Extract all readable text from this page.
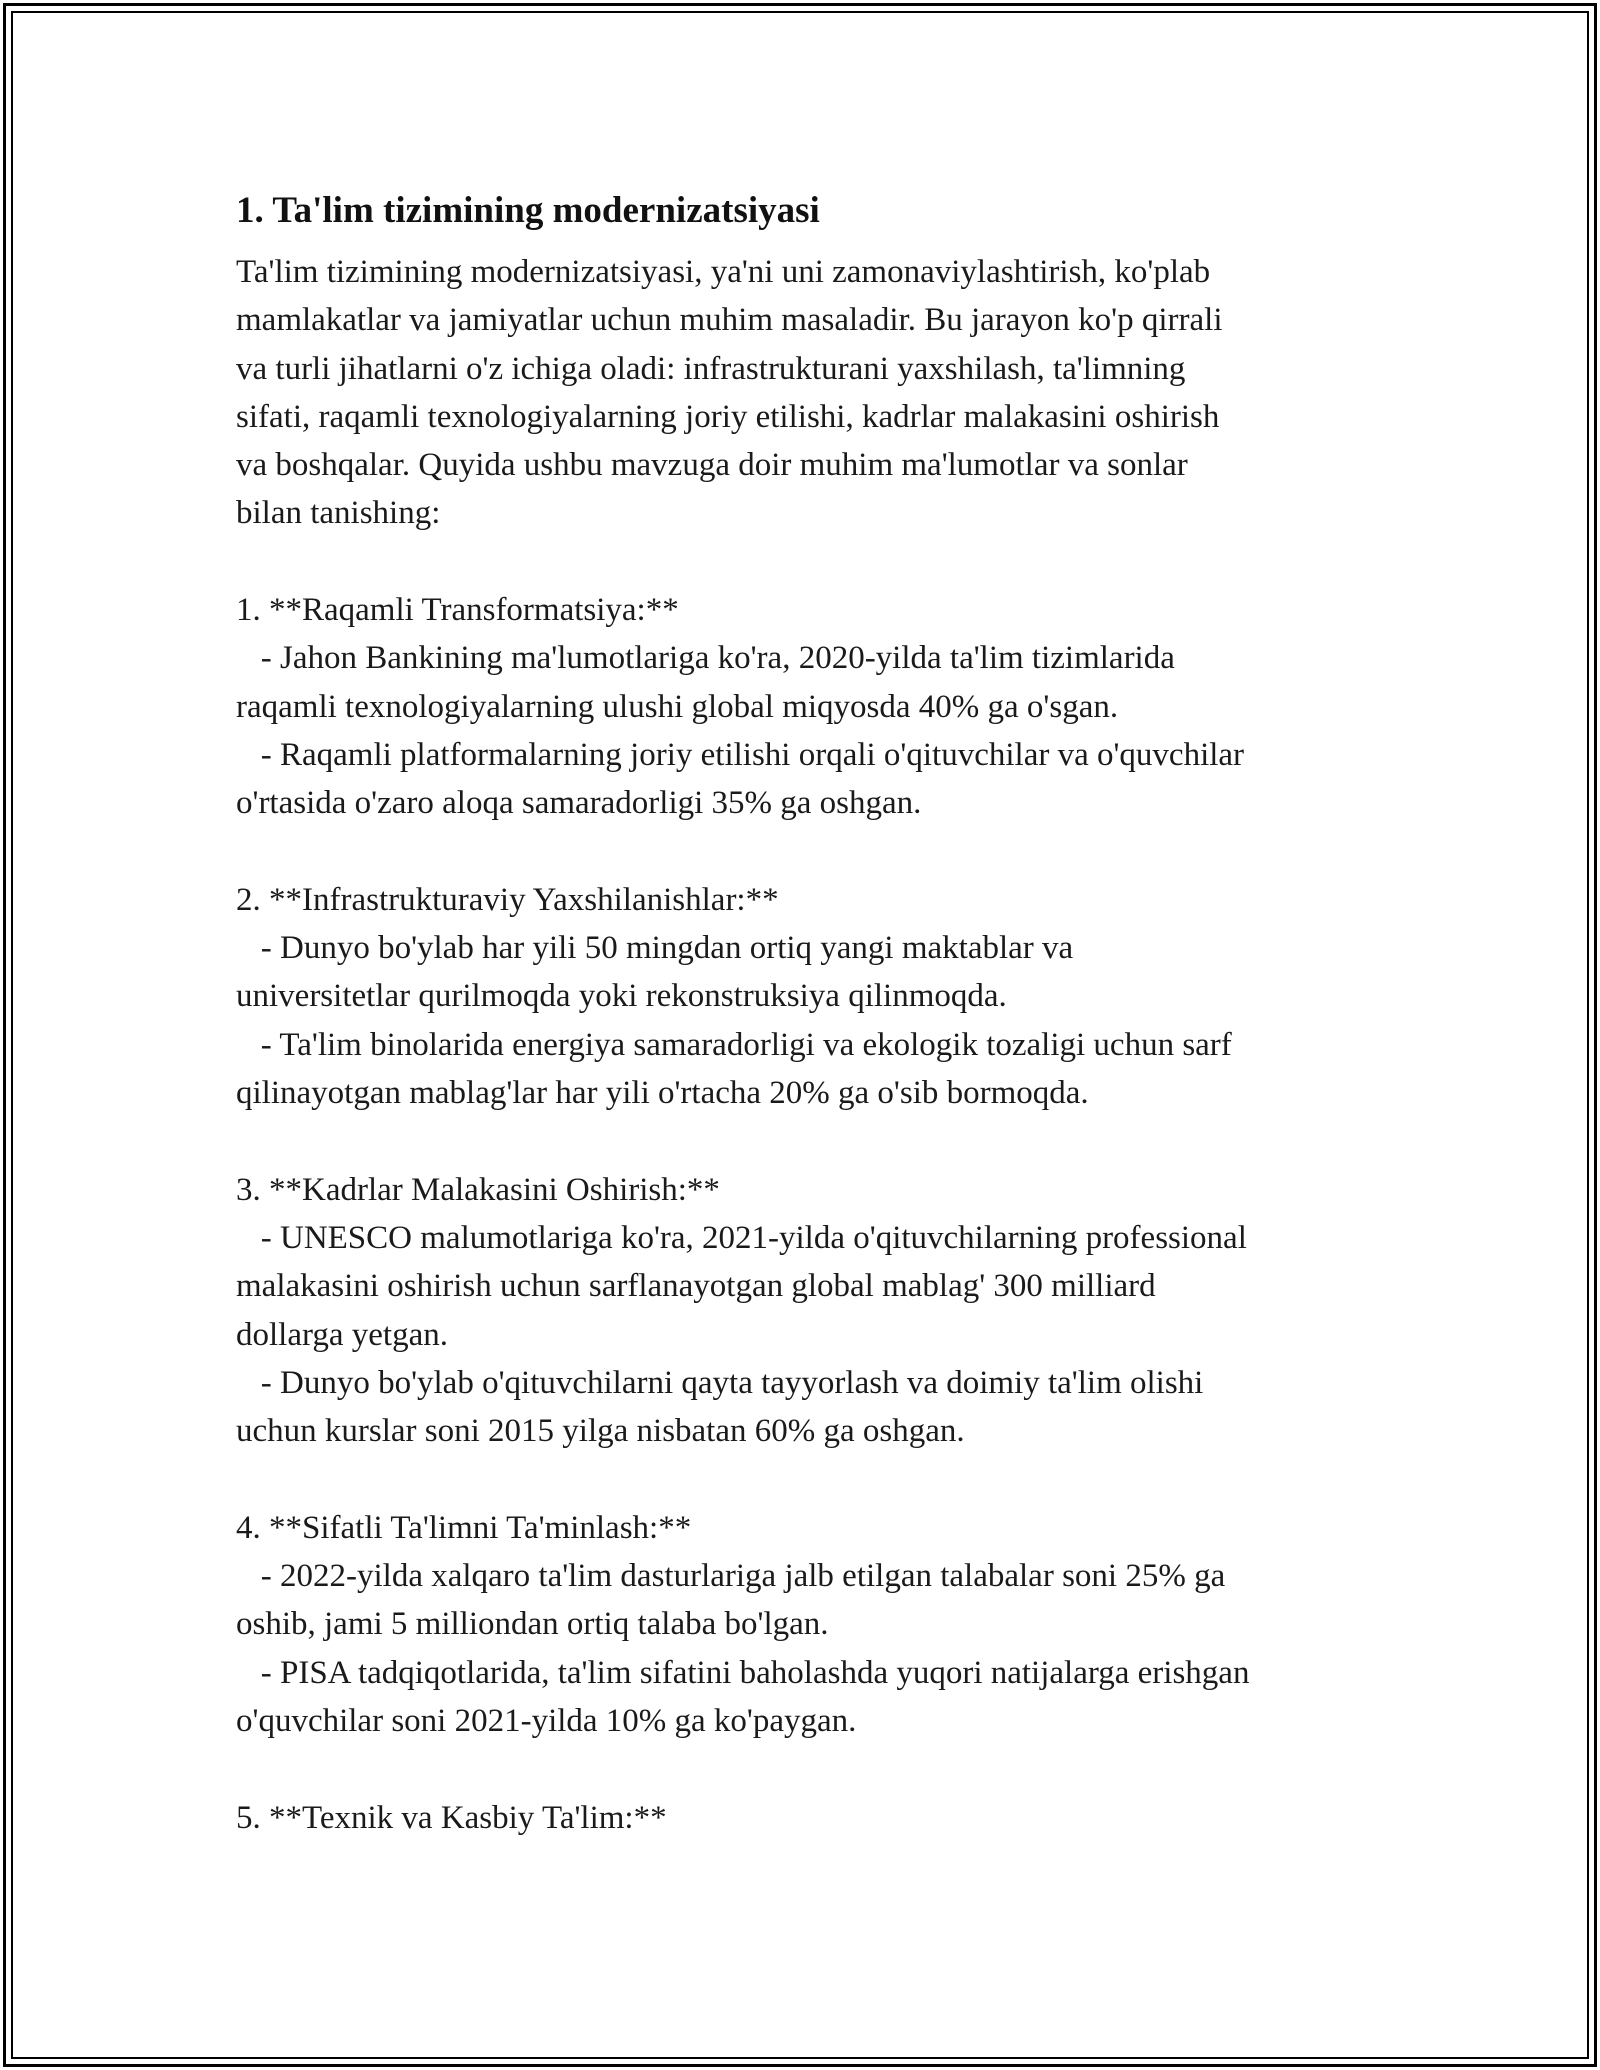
1. Ta'lim tizimining modernizatsiyasi

Ta'lim tizimining modernizatsiyasi, ya'ni uni zamonaviylashtirish, ko'plab

mamlakatlar va jamiyatlar uchun muhim masaladir. Bu jarayon ko'p qirrali

va turli jihatlarni o'z ichiga oladi: infrastrukturani yaxshilash, ta'limning

sifati, raqamli texnologiyalarning joriy etilishi, kadrlar malakasini oshirish

va boshqalar. Quyida ushbu mavzuga doir muhim ma'lumotlar va sonlar

bilan tanishing:

1. **Raqamli Transformatsiya:**

- Jahon Bankining ma'lumotlariga ko'ra, 2020-yilda ta'lim tizimlarida

raqamli texnologiyalarning ulushi global miqyosda 40% ga o'sgan.

- Raqamli platformalarning joriy etilishi orqali o'qituvchilar va o'quvchilar

o'rtasida o'zaro aloqa samaradorligi 35% ga oshgan.

2. **Infrastrukturaviy Yaxshilanishlar:**

- Dunyo bo'ylab har yili 50 mingdan ortiq yangi maktablar va

universitetlar qurilmoqda yoki rekonstruksiya qilinmoqda.

- Ta'lim binolarida energiya samaradorligi va ekologik tozaligi uchun sarf

qilinayotgan mablag'lar har yili o'rtacha 20% ga o'sib bormoqda.

3. **Kadrlar Malakasini Oshirish:**

- UNESCO malumotlariga ko'ra, 2021-yilda o'qituvchilarning professional

malakasini oshirish uchun sarflanayotgan global mablag' 300 milliard

dollarga yetgan.

- Dunyo bo'ylab o'qituvchilarni qayta tayyorlash va doimiy ta'lim olishi

uchun kurslar soni 2015 yilga nisbatan 60% ga oshgan.

4. **Sifatli Ta'limni Ta'minlash:**

- 2022-yilda xalqaro ta'lim dasturlariga jalb etilgan talabalar soni 25% ga

oshib, jami 5 milliondan ortiq talaba bo'lgan.

- PISA tadqiqotlarida, ta'lim sifatini baholashda yuqori natijalarga erishgan

o'quvchilar soni 2021-yilda 10% ga ko'paygan.

5. **Texnik va Kasbiy Ta'lim:**
